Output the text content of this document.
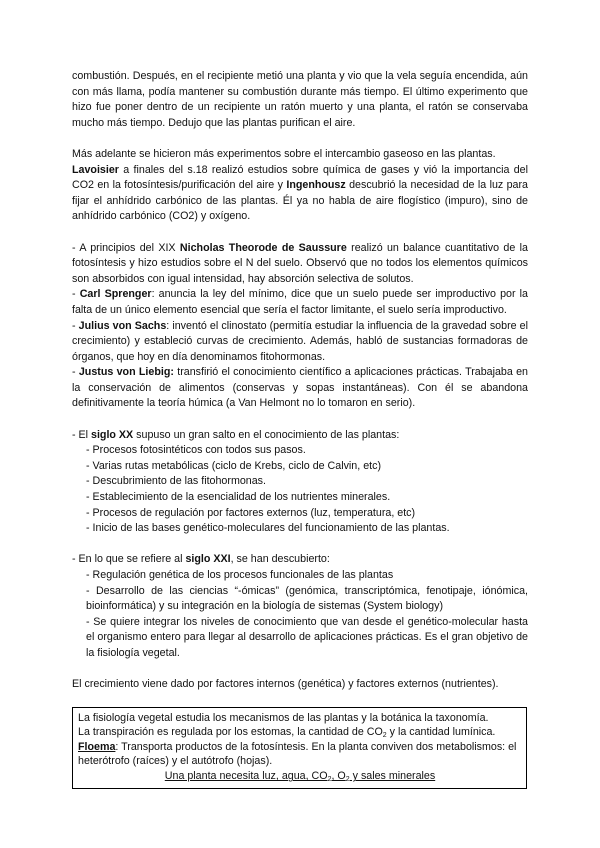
combustión. Después, en el recipiente metió una planta y vio que la vela seguía encendida, aún con más llama, podía mantener su combustión durante más tiempo. El último experimento que hizo fue poner dentro de un recipiente un ratón muerto y una planta, el ratón se conservaba mucho más tiempo. Dedujo que las plantas purifican el aire.

Más adelante se hicieron más experimentos sobre el intercambio gaseoso en las plantas.
Lavoisier a finales del s.18 realizó estudios sobre química de gases y vió la importancia del CO2 en la fotosíntesis/purificación del aire y Ingenhousz descubrió la necesidad de la luz para fijar el anhídrido carbónico de las plantas. Él ya no habla de aire flogístico (impuro), sino de anhídrido carbónico (CO2) y oxígeno.

- A principios del XIX Nicholas Theorode de Saussure realizó un balance cuantitativo de la fotosíntesis y hizo estudios sobre el N del suelo. Observó que no todos los elementos químicos son absorbidos con igual intensidad, hay absorción selectiva de solutos.

- Carl Sprenger: anuncia la ley del mínimo, dice que un suelo puede ser improductivo por la falta de un único elemento esencial que sería el factor limitante, el suelo sería improductivo.

- Julius von Sachs: inventó el clinostato (permitía estudiar la influencia de la gravedad sobre el crecimiento) y estableció curvas de crecimiento. Además, habló de sustancias formadoras de órganos, que hoy en día denominamos fitohormonas.

- Justus von Liebig: transfirió el conocimiento científico a aplicaciones prácticas. Trabajaba en la conservación de alimentos (conservas y sopas instantáneas). Con él se abandona definitivamente la teoría húmica (a Van Helmont no lo tomaron en serio).

- El siglo XX supuso un gran salto en el conocimiento de las plantas:

- Procesos fotosintéticos con todos sus pasos.

- Varias rutas metabólicas (ciclo de Krebs, ciclo de Calvin, etc)

- Descubrimiento de las fitohormonas.

- Establecimiento de la esencialidad de los nutrientes minerales.

- Procesos de regulación por factores externos (luz, temperatura, etc)

- Inicio de las bases genético-moleculares del funcionamiento de las plantas.

- En lo que se refiere al siglo XXI, se han descubierto:

- Regulación genética de los procesos funcionales de las plantas

- Desarrollo de las ciencias “-ómicas” (genómica, transcriptómica, fenotipaje, iónómica, bioinformática) y su integración en la biología de sistemas (System biology)

- Se quiere integrar los niveles de conocimiento que van desde el genético-molecular hasta el organismo entero para llegar al desarrollo de aplicaciones prácticas. Es el gran objetivo de la fisiología vegetal.

El crecimiento viene dado por factores internos (genética) y factores externos (nutrientes).

La fisiología vegetal estudia los mecanismos de las plantas y la botánica la taxonomía.

La transpiración es regulada por los estomas, la cantidad de $CO_2$ y la cantidad lumínica.

Floema: Transporta productos de la fotosíntesis. En la planta conviven dos metabolismos: el heterótrofo (raíces) y el autótrofo (hojas).

Una planta necesita luz, agua, $CO_2$, $O_2$ y sales minerales
